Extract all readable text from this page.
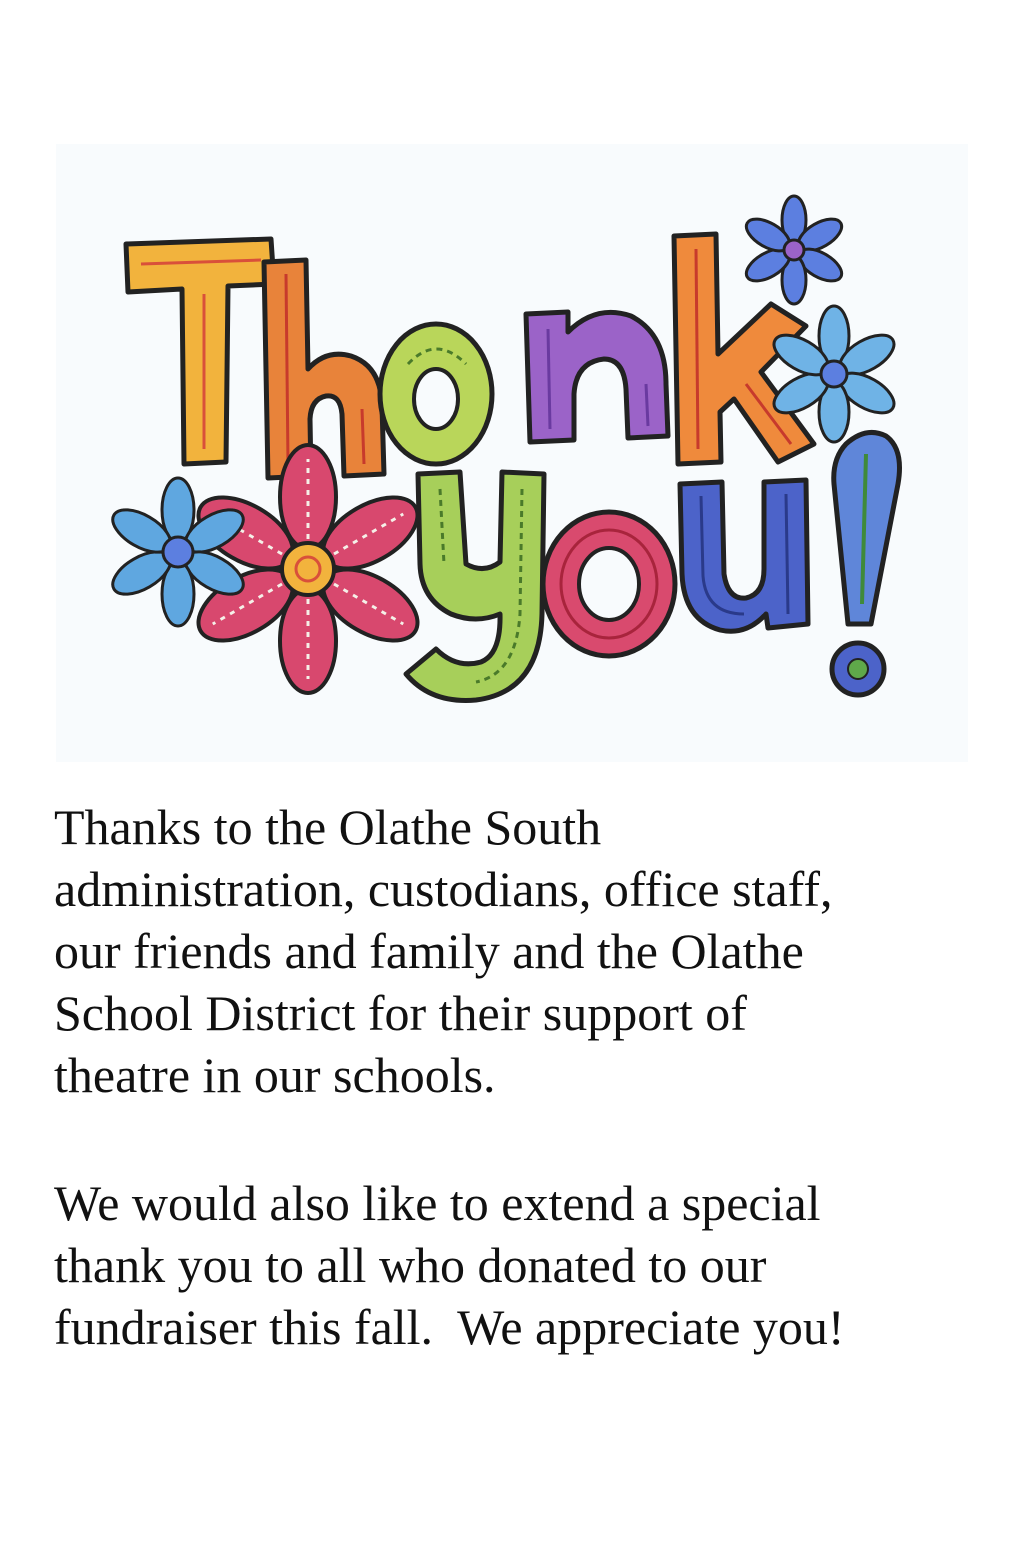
Thanks to the Olathe South
administration, custodians, office staff,
our friends and family and the Olathe
School District for their support of
theatre in our schools.

We would also like to extend a special
thank you to all who donated to our
fundraiser this fall.  We appreciate you!
